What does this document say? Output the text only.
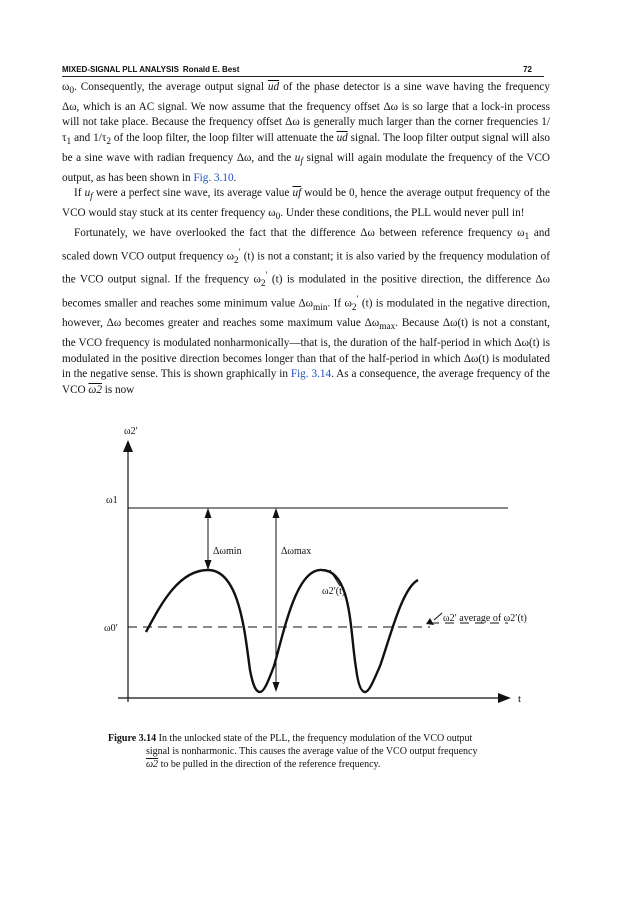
MIXED-SIGNAL PLL ANALYSIS Ronald E. Best	72

$\omega_0$. Consequently, the average output signal $\overline{ud}$ of the phase detector is a sine wave having the frequency Δω, which is an AC signal. We now assume that the frequency offset Δω is so large that a lock-in process will not take place. Because the frequency offset Δω is generally much larger than the corner frequencies $1/\tau_1$ and $1/\tau_2$ of the loop filter, the loop filter will attenuate the $\overline{ud}$ signal. The loop filter output signal will also be a sine wave with radian frequency Δω, and the $u_f$ signal will again modulate the frequency of the VCO output, as has been shown in Fig. 3.10.

If $u_f$ were a perfect sine wave, its average value $\overline{uf}$ would be 0, hence the average output frequency of the VCO would stay stuck at its center frequency $\omega_0$. Under these conditions, the PLL would never pull in!

Fortunately, we have overlooked the fact that the difference Δω between reference frequency $\omega_1$ and scaled down VCO output frequency $\omega_2'$ (t) is not a constant; it is also varied by the frequency modulation of the VCO output signal. If the frequency $\omega_2'$ (t) is modulated in the positive direction, the difference Δω becomes smaller and reaches some minimum value $\Delta\omega_{min}$. If $\omega_2'$ (t) is modulated in the negative direction, however, Δω becomes greater and reaches some maximum value $\Delta\omega_{max}$. Because Δω(t) is not a constant, the VCO frequency is modulated nonharmonically—that is, the duration of the half-period in which Δω(t) is modulated in the positive direction becomes longer than that of the half-period in which Δω(t) is modulated in the negative sense. This is shown graphically in Fig. 3.14. As a consequence, the average frequency of the VCO ω2 is now

ω2′
ω1
ω0′
Δωmin	Δωmax
ω2′(t)
ω2′ average of ω2′(t)
t
Figure 3.14 In the unlocked state of the PLL, the frequency modulation of the VCO output
signal is nonharmonic. This causes the average value of the VCO output frequency
ω2 to be pulled in the direction of the reference frequency.
